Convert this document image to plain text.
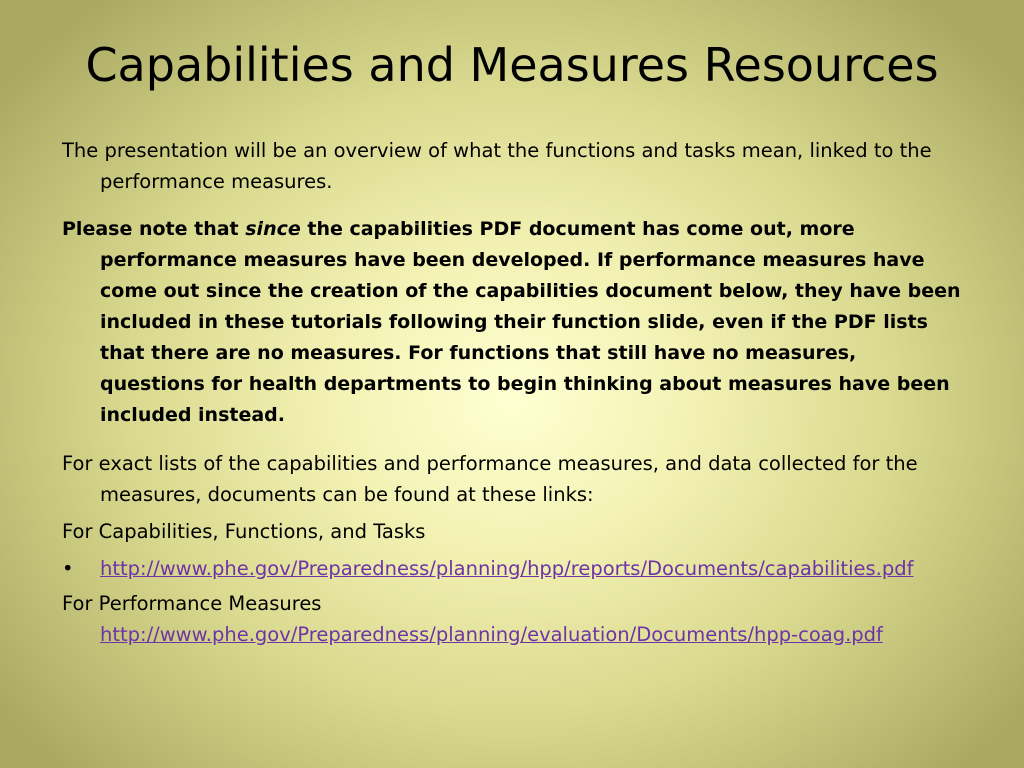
Capabilities and Measures Resources

The presentation will be an overview of what the functions and tasks mean, linked to the performance measures.

Please note that since the capabilities PDF document has come out, more performance measures have been developed. If performance measures have come out since the creation of the capabilities document below, they have been included in these tutorials following their function slide, even if the PDF lists that there are no measures. For functions that still have no measures, questions for health departments to begin thinking about measures have been included instead.

For exact lists of the capabilities and performance measures, and data collected for the measures, documents can be found at these links:

For Capabilities, Functions, and Tasks

• http://www.phe.gov/Preparedness/planning/hpp/reports/Documents/capabilities.pdf

For Performance Measures

http://www.phe.gov/Preparedness/planning/evaluation/Documents/hpp-coag.pdf
